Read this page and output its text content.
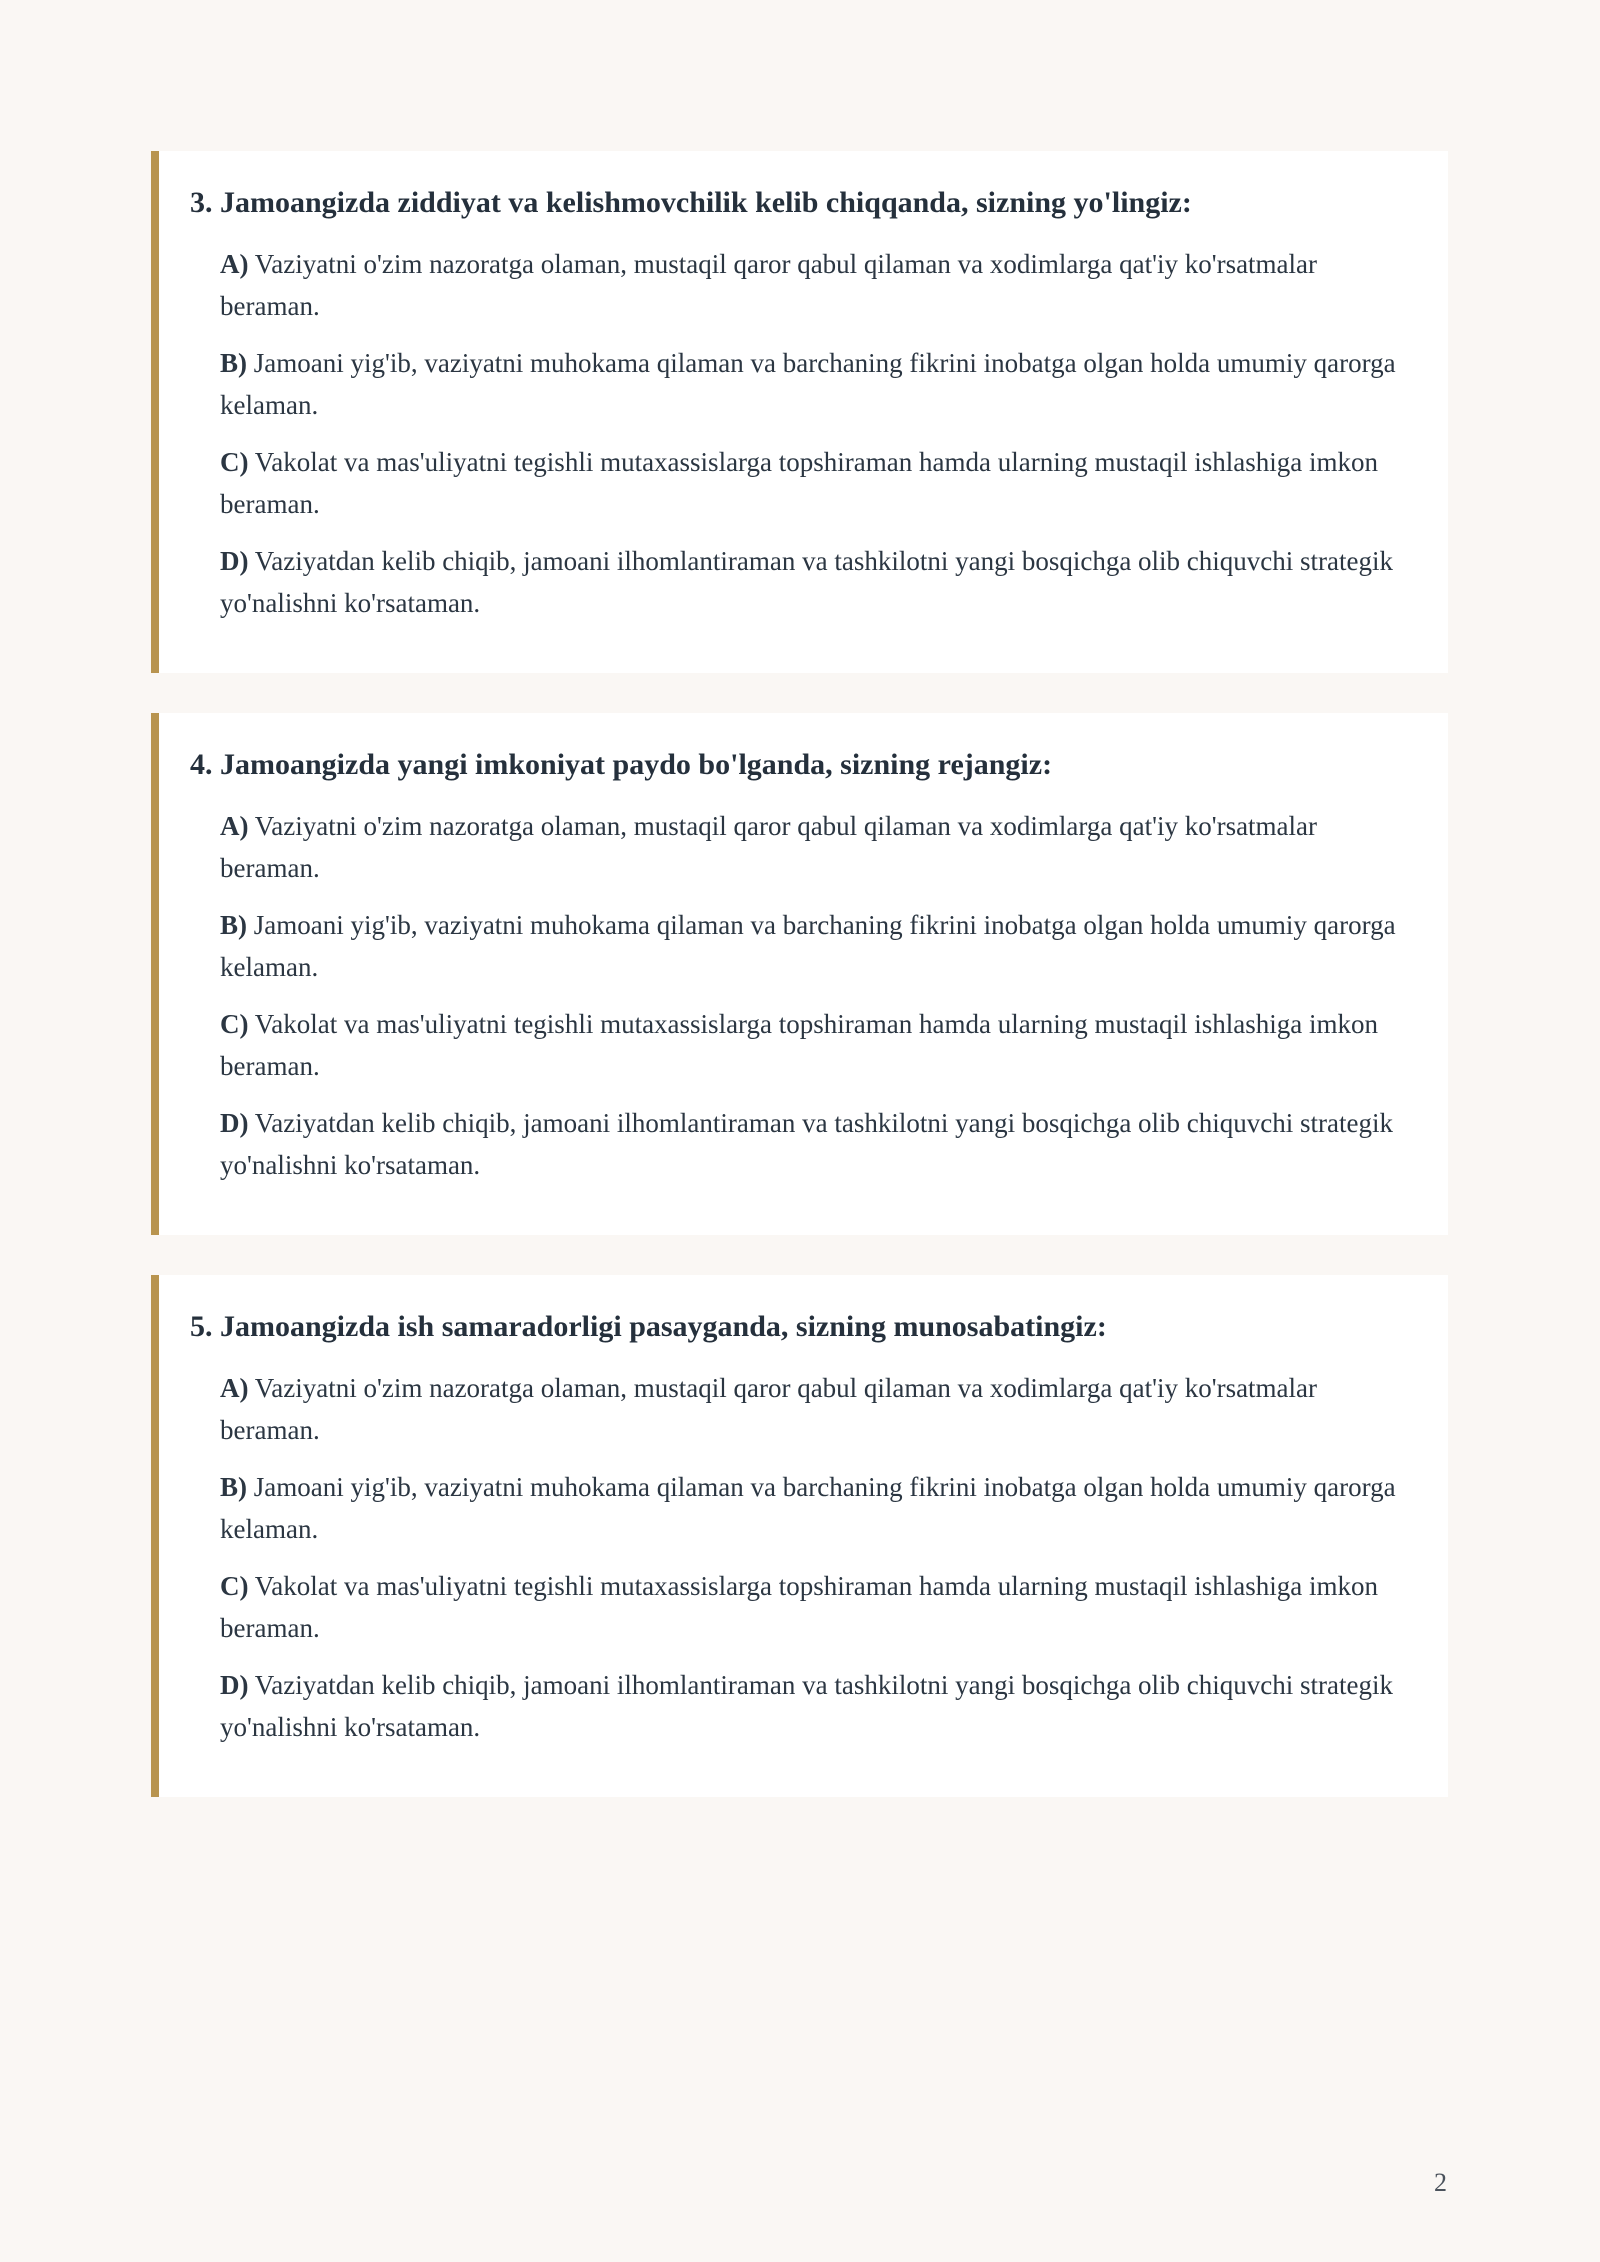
3. Jamoangizda ziddiyat va kelishmovchilik kelib chiqqanda, sizning yo'lingiz:

A) Vaziyatni o'zim nazoratga olaman, mustaqil qaror qabul qilaman va xodimlarga qat'iy ko'rsatmalar beraman.

B) Jamoani yig'ib, vaziyatni muhokama qilaman va barchaning fikrini inobatga olgan holda umumiy qarorga kelaman.

C) Vakolat va mas'uliyatni tegishli mutaxassislarga topshiraman hamda ularning mustaqil ishlashiga imkon beraman.

D) Vaziyatdan kelib chiqib, jamoani ilhomlantiraman va tashkilotni yangi bosqichga olib chiquvchi strategik yo'nalishni ko'rsataman.

4. Jamoangizda yangi imkoniyat paydo bo'lganda, sizning rejangiz:

A) Vaziyatni o'zim nazoratga olaman, mustaqil qaror qabul qilaman va xodimlarga qat'iy ko'rsatmalar beraman.

B) Jamoani yig'ib, vaziyatni muhokama qilaman va barchaning fikrini inobatga olgan holda umumiy qarorga kelaman.

C) Vakolat va mas'uliyatni tegishli mutaxassislarga topshiraman hamda ularning mustaqil ishlashiga imkon beraman.

D) Vaziyatdan kelib chiqib, jamoani ilhomlantiraman va tashkilotni yangi bosqichga olib chiquvchi strategik yo'nalishni ko'rsataman.

5. Jamoangizda ish samaradorligi pasayganda, sizning munosabatingiz:

A) Vaziyatni o'zim nazoratga olaman, mustaqil qaror qabul qilaman va xodimlarga qat'iy ko'rsatmalar beraman.

B) Jamoani yig'ib, vaziyatni muhokama qilaman va barchaning fikrini inobatga olgan holda umumiy qarorga kelaman.

C) Vakolat va mas'uliyatni tegishli mutaxassislarga topshiraman hamda ularning mustaqil ishlashiga imkon beraman.

D) Vaziyatdan kelib chiqib, jamoani ilhomlantiraman va tashkilotni yangi bosqichga olib chiquvchi strategik yo'nalishni ko'rsataman.

2
